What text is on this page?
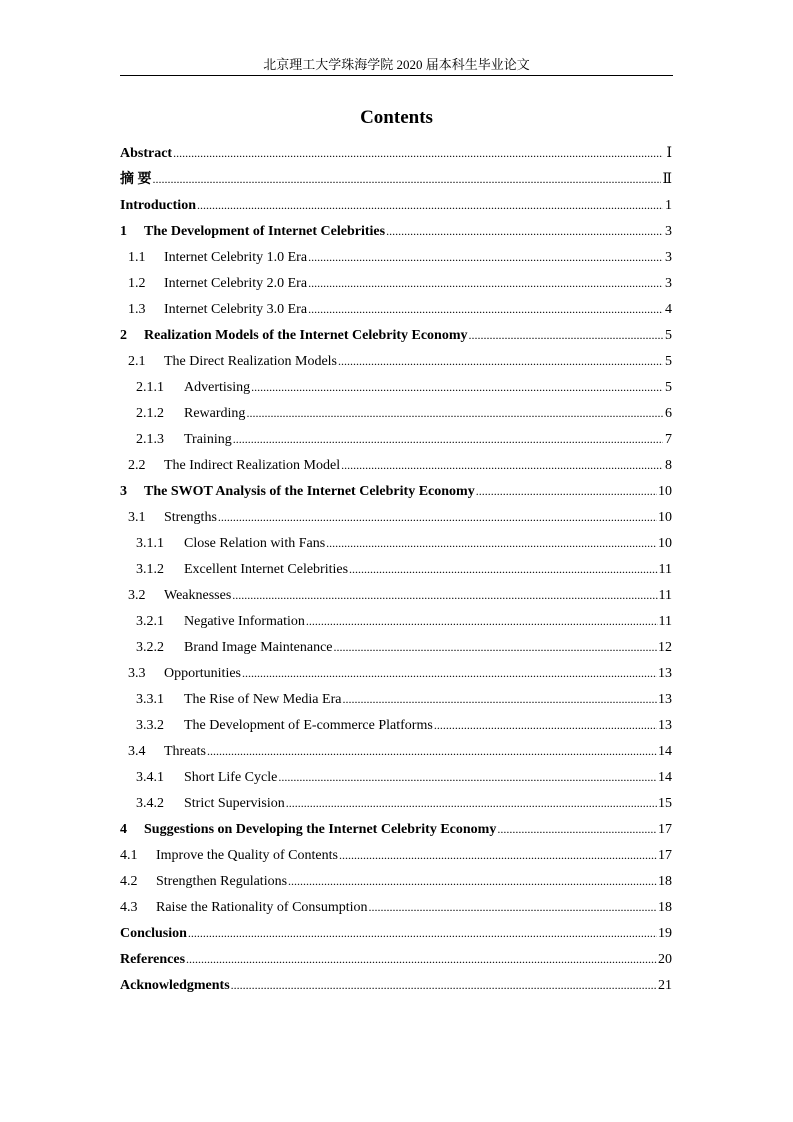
北京理工大学珠海学院 2020 届本科生毕业论文
Contents
Abstract .....	Ⅰ
摘 要 .....	Ⅱ
Introduction .....	1
1	The Development of Internet Celebrities .....	3
1.1	Internet Celebrity 1.0 Era .....	3
1.2	Internet Celebrity 2.0 Era .....	3
1.3	Internet Celebrity 3.0 Era .....	4
2	Realization Models of the Internet Celebrity Economy .....	5
2.1	The Direct Realization Models .....	5
2.1.1	Advertising .....	5
2.1.2	Rewarding .....	6
2.1.3	Training .....	7
2.2	The Indirect Realization Model .....	8
3	The SWOT Analysis of the Internet Celebrity Economy .....	10
3.1	Strengths .....	10
3.1.1	Close Relation with Fans .....	10
3.1.2	Excellent Internet Celebrities .....	11
3.2	Weaknesses .....	11
3.2.1	Negative Information .....	11
3.2.2	Brand Image Maintenance .....	12
3.3	Opportunities .....	13
3.3.1	The Rise of New Media Era .....	13
3.3.2	The Development of E-commerce Platforms .....	13
3.4	Threats .....	14
3.4.1	Short Life Cycle .....	14
3.4.2	Strict Supervision .....	15
4	Suggestions on Developing the Internet Celebrity Economy .....	17
4.1	Improve the Quality of Contents .....	17
4.2	Strengthen Regulations .....	18
4.3	Raise the Rationality of Consumption .....	18
Conclusion .....	19
References .....	20
Acknowledgments .....	21
